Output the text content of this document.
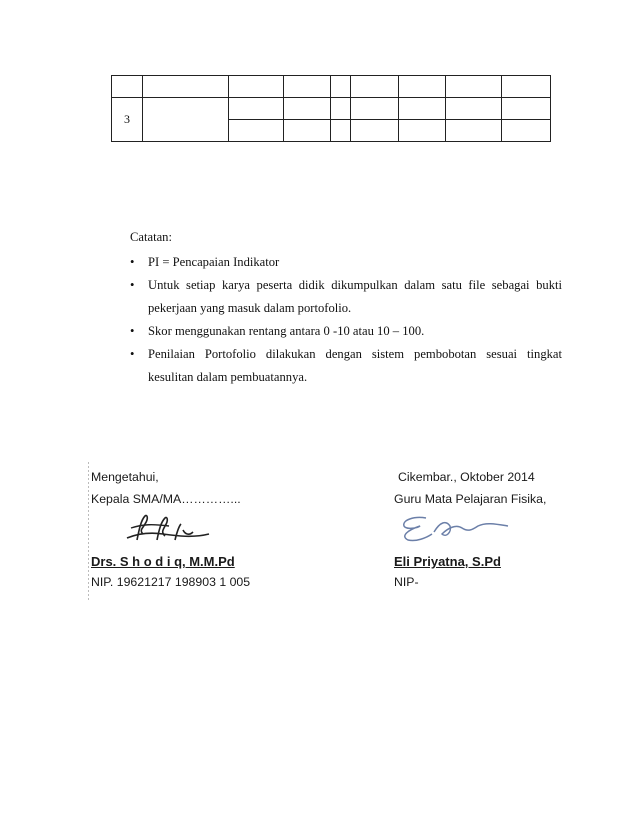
3								

Catatan:

• PI = Pencapaian Indikator
• Untuk setiap karya peserta didik dikumpulkan dalam satu file sebagai bukti pekerjaan yang masuk dalam portofolio.
• Skor menggunakan rentang antara 0 -10 atau 10 – 100.
• Penilaian Portofolio dilakukan dengan sistem pembobotan sesuai tingkat kesulitan dalam pembuatannya.
Mengetahui,
Kepala SMA/MA…………...
Drs. S h o d i q, M.M.Pd
NIP. 19621217 198903 1 005
Cikembar., Oktober 2014
Guru Mata Pelajaran Fisika,
Eli Priyatna, S.Pd
NIP-
